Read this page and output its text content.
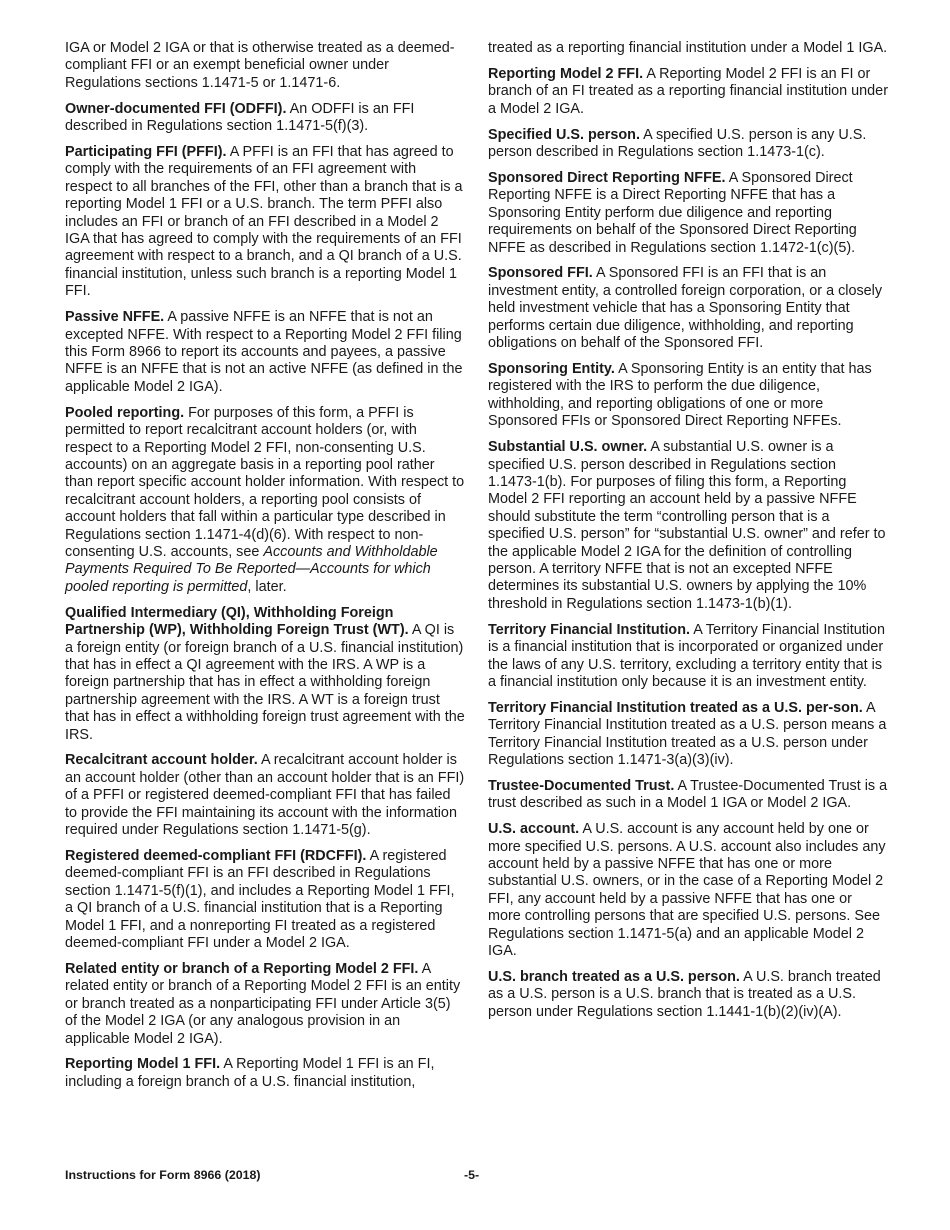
IGA or Model 2 IGA or that is otherwise treated as a deemed-compliant FFI or an exempt beneficial owner under Regulations sections 1.1471-5 or 1.1471-6.

Owner-documented FFI (ODFFI). An ODFFI is an FFI described in Regulations section 1.1471-5(f)(3).

Participating FFI (PFFI). A PFFI is an FFI that has agreed to comply with the requirements of an FFI agreement with respect to all branches of the FFI, other than a branch that is a reporting Model 1 FFI or a U.S. branch. The term PFFI also includes an FFI or branch of an FFI described in a Model 2 IGA that has agreed to comply with the requirements of an FFI agreement with respect to a branch, and a QI branch of a U.S. financial institution, unless such branch is a reporting Model 1 FFI.

Passive NFFE. A passive NFFE is an NFFE that is not an excepted NFFE. With respect to a Reporting Model 2 FFI filing this Form 8966 to report its accounts and payees, a passive NFFE is an NFFE that is not an active NFFE (as defined in the applicable Model 2 IGA).

Pooled reporting. For purposes of this form, a PFFI is permitted to report recalcitrant account holders (or, with respect to a Reporting Model 2 FFI, non-consenting U.S. accounts) on an aggregate basis in a reporting pool rather than report specific account holder information. With respect to recalcitrant account holders, a reporting pool consists of account holders that fall within a particular type described in Regulations section 1.1471-4(d)(6). With respect to non-consenting U.S. accounts, see Accounts and Withholdable Payments Required To Be Reported—Accounts for which pooled reporting is permitted, later.

Qualified Intermediary (QI), Withholding Foreign Partnership (WP), Withholding Foreign Trust (WT). A QI is a foreign entity (or foreign branch of a U.S. financial institution) that has in effect a QI agreement with the IRS. A WP is a foreign partnership that has in effect a withholding foreign partnership agreement with the IRS. A WT is a foreign trust that has in effect a withholding foreign trust agreement with the IRS.

Recalcitrant account holder. A recalcitrant account holder is an account holder (other than an account holder that is an FFI) of a PFFI or registered deemed-compliant FFI that has failed to provide the FFI maintaining its account with the information required under Regulations section 1.1471-5(g).

Registered deemed-compliant FFI (RDCFFI). A registered deemed-compliant FFI is an FFI described in Regulations section 1.1471-5(f)(1), and includes a Reporting Model 1 FFI, a QI branch of a U.S. financial institution that is a Reporting Model 1 FFI, and a nonreporting FI treated as a registered deemed-compliant FFI under a Model 2 IGA.

Related entity or branch of a Reporting Model 2 FFI. A related entity or branch of a Reporting Model 2 FFI is an entity or branch treated as a nonparticipating FFI under Article 3(5) of the Model 2 IGA (or any analogous provision in an applicable Model 2 IGA).

Reporting Model 1 FFI. A Reporting Model 1 FFI is an FI, including a foreign branch of a U.S. financial institution,

treated as a reporting financial institution under a Model 1 IGA.

Reporting Model 2 FFI. A Reporting Model 2 FFI is an FI or branch of an FI treated as a reporting financial institution under a Model 2 IGA.

Specified U.S. person. A specified U.S. person is any U.S. person described in Regulations section 1.1473-1(c).

Sponsored Direct Reporting NFFE. A Sponsored Direct Reporting NFFE is a Direct Reporting NFFE that has a Sponsoring Entity perform due diligence and reporting requirements on behalf of the Sponsored Direct Reporting NFFE as described in Regulations section 1.1472-1(c)(5).

Sponsored FFI. A Sponsored FFI is an FFI that is an investment entity, a controlled foreign corporation, or a closely held investment vehicle that has a Sponsoring Entity that performs certain due diligence, withholding, and reporting obligations on behalf of the Sponsored FFI.

Sponsoring Entity. A Sponsoring Entity is an entity that has registered with the IRS to perform the due diligence, withholding, and reporting obligations of one or more Sponsored FFIs or Sponsored Direct Reporting NFFEs.

Substantial U.S. owner. A substantial U.S. owner is a specified U.S. person described in Regulations section 1.1473-1(b). For purposes of filing this form, a Reporting Model 2 FFI reporting an account held by a passive NFFE should substitute the term “controlling person that is a specified U.S. person” for “substantial U.S. owner” and refer to the applicable Model 2 IGA for the definition of controlling person. A territory NFFE that is not an excepted NFFE determines its substantial U.S. owners by applying the 10% threshold in Regulations section 1.1473-1(b)(1).

Territory Financial Institution. A Territory Financial Institution is a financial institution that is incorporated or organized under the laws of any U.S. territory, excluding a territory entity that is a financial institution only because it is an investment entity.

Territory Financial Institution treated as a U.S. per-son. A Territory Financial Institution treated as a U.S. person means a Territory Financial Institution treated as a U.S. person under Regulations section 1.1471-3(a)(3)(iv).

Trustee-Documented Trust. A Trustee-Documented Trust is a trust described as such in a Model 1 IGA or Model 2 IGA.

U.S. account. A U.S. account is any account held by one or more specified U.S. persons. A U.S. account also includes any account held by a passive NFFE that has one or more substantial U.S. owners, or in the case of a Reporting Model 2 FFI, any account held by a passive NFFE that has one or more controlling persons that are specified U.S. persons. See Regulations section 1.1471-5(a) and an applicable Model 2 IGA.

U.S. branch treated as a U.S. person. A U.S. branch treated as a U.S. person is a U.S. branch that is treated as a U.S. person under Regulations section 1.1441-1(b)(2)(iv)(A).

Instructions for Form 8966 (2018)	-5-
